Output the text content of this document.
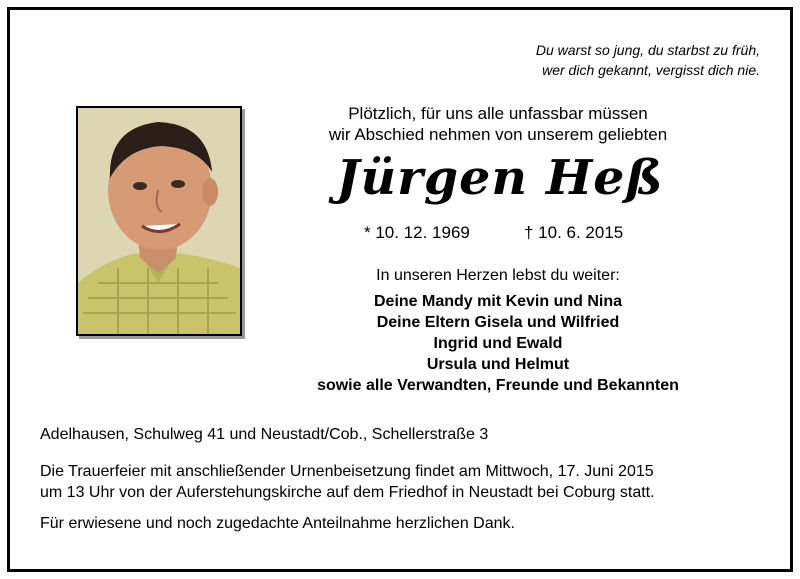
Du warst so jung, du starbst zu früh,
wer dich gekannt, vergisst dich nie.
Plötzlich, für uns alle unfassbar müssen
wir Abschied nehmen von unserem geliebten
Jürgen Heß
* 10. 12. 1969	† 10. 6. 2015
In unseren Herzen lebst du weiter:
Deine Mandy mit Kevin und Nina
Deine Eltern Gisela und Wilfried
Ingrid und Ewald
Ursula und Helmut
sowie alle Verwandten, Freunde und Bekannten
Adelhausen, Schulweg 41 und Neustadt/Cob., Schellerstraße 3
Die Trauerfeier mit anschließender Urnenbeisetzung findet am Mittwoch, 17. Juni 2015
um 13 Uhr von der Auferstehungskirche auf dem Friedhof in Neustadt bei Coburg statt.
Für erwiesene und noch zugedachte Anteilnahme herzlichen Dank.
